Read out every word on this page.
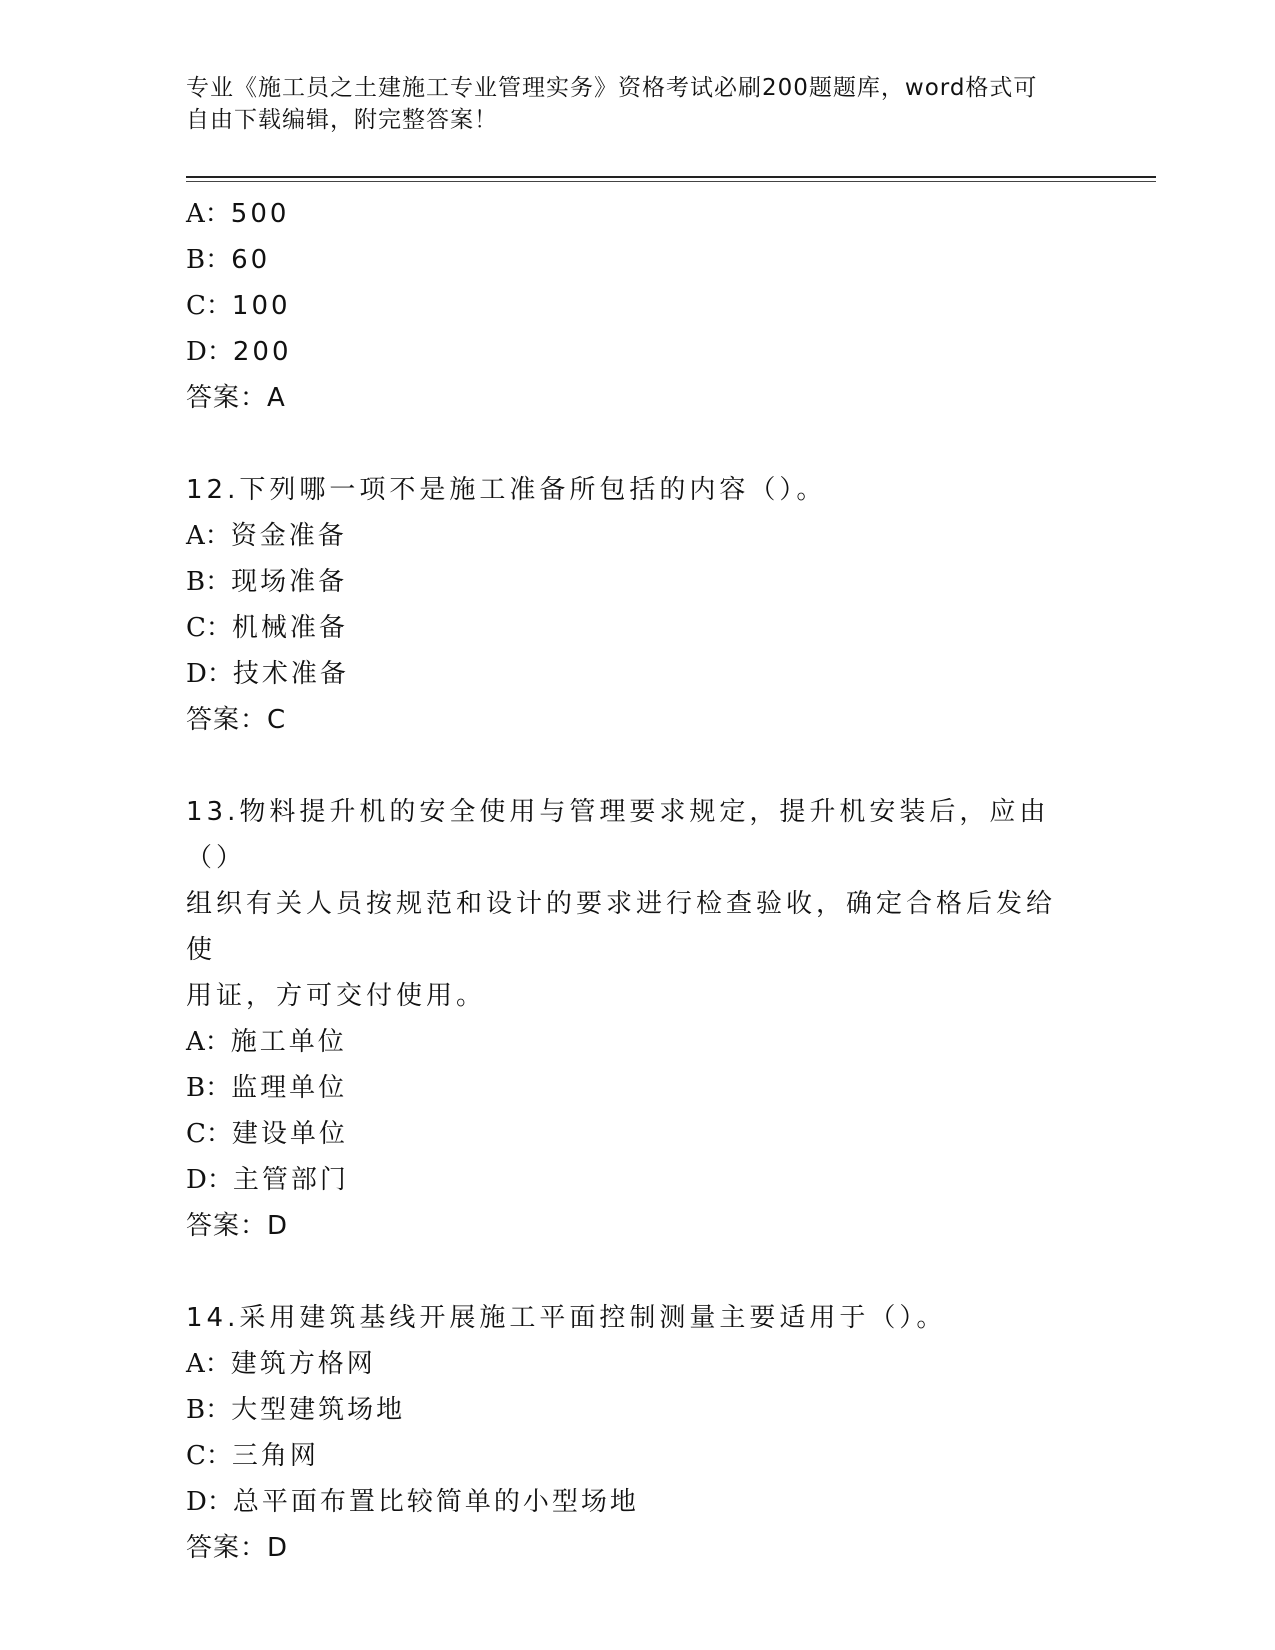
专业《施工员之土建施工专业管理实务》资格考试必刷200题题库，word格式可
自由下载编辑，附完整答案！
A：500
B：60
C：100
D：200
答案：A
12.下列哪一项不是施工准备所包括的内容（）。
A：资金准备
B：现场准备
C：机械准备
D：技术准备
答案：C
13.物料提升机的安全使用与管理要求规定，提升机安装后，应由（）
组织有关人员按规范和设计的要求进行检查验收，确定合格后发给使
用证，方可交付使用。
A：施工单位
B：监理单位
C：建设单位
D：主管部门
答案：D
14.采用建筑基线开展施工平面控制测量主要适用于（）。
A：建筑方格网
B：大型建筑场地
C：三角网
D：总平面布置比较简单的小型场地
答案：D
